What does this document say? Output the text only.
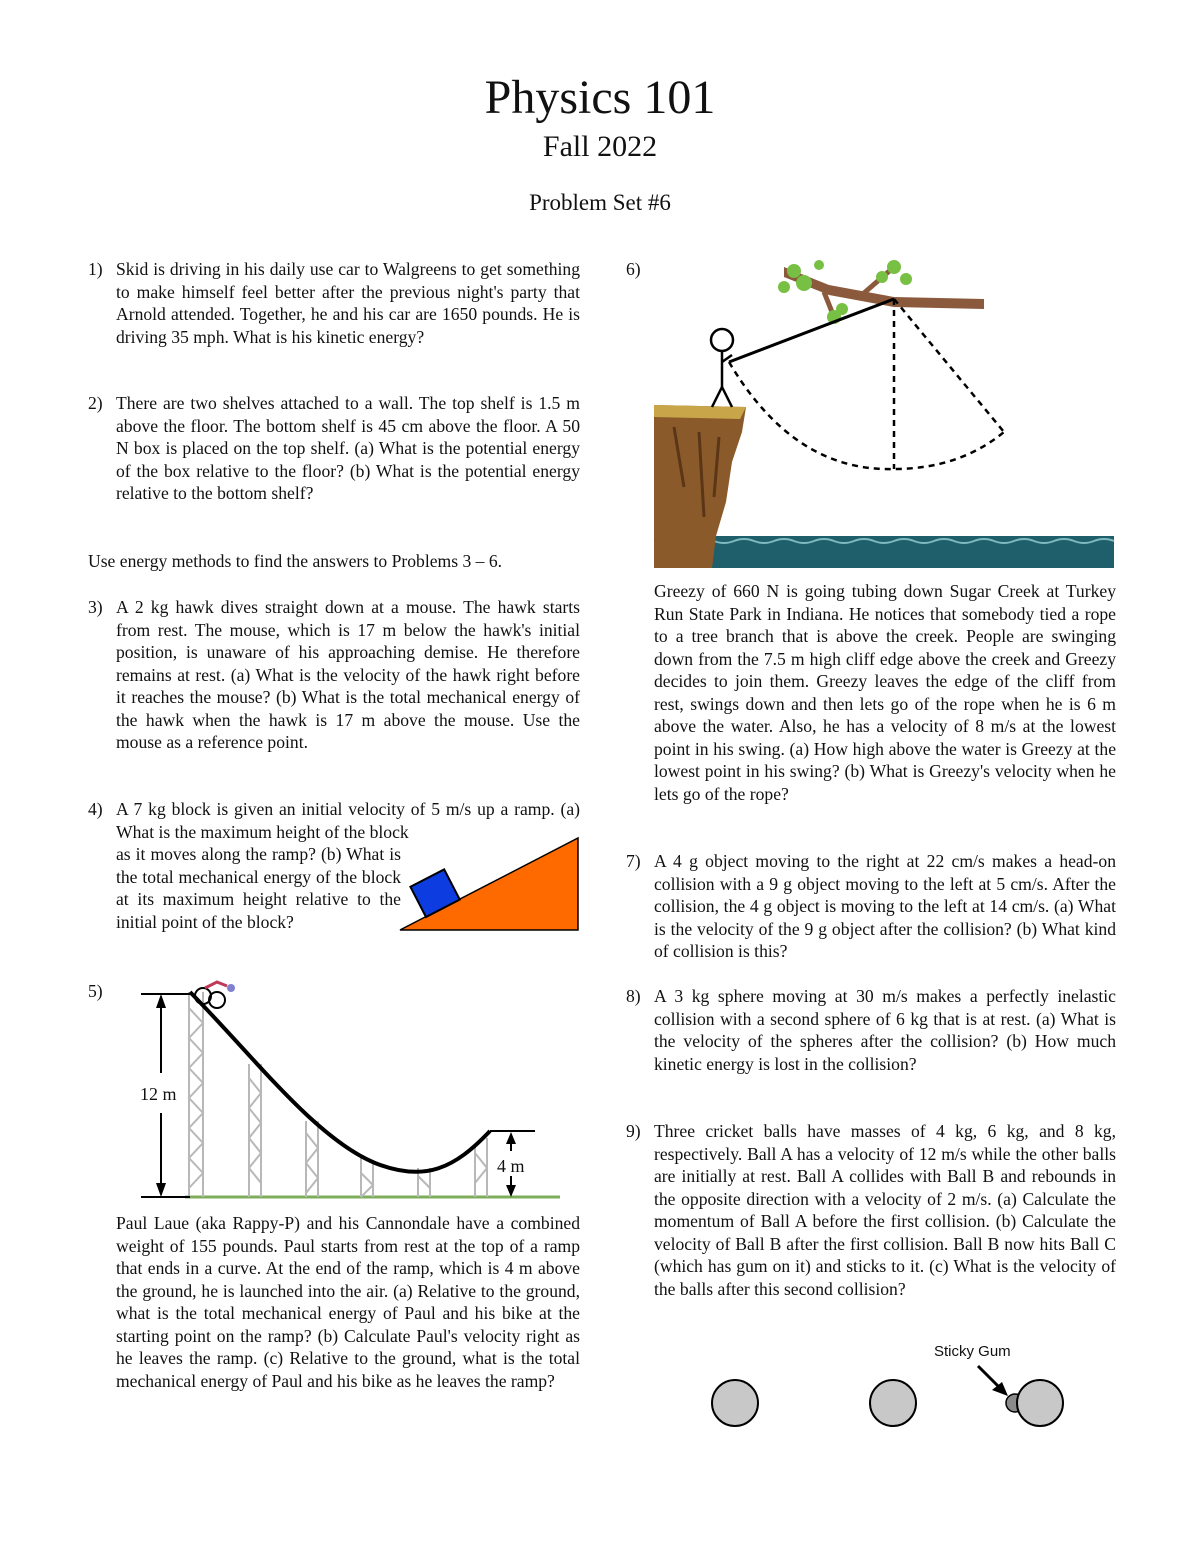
Physics 101
Fall 2022
Problem Set #6
1) Skid is driving in his daily use car to Walgreens to get something to make himself feel better after the previous night's party that Arnold attended. Together, he and his car are 1650 pounds. He is driving 35 mph. What is his kinetic energy?

2) There are two shelves attached to a wall. The top shelf is 1.5 m above the floor. The bottom shelf is 45 cm above the floor. A 50 N box is placed on the top shelf. (a) What is the potential energy of the box relative to the floor? (b) What is the potential energy relative to the bottom shelf?

Use energy methods to find the answers to Problems 3 – 6.
3) A 2 kg hawk dives straight down at a mouse. The hawk starts from rest. The mouse, which is 17 m below the hawk's initial position, is unaware of his approaching demise. He therefore remains at rest. (a) What is the velocity of the hawk right before it reaches the mouse? (b) What is the total mechanical energy of the hawk when the hawk is 17 m above the mouse. Use the mouse as a reference point.

4) A 7 kg block is given an initial velocity of 5 m/s up a ramp. (a) What is the maximum height of the block

as it moves along the ramp? (b) What is the total mechanical energy of the block at its maximum height relative to the initial point of the block?

5)
12 m
4 m

Paul Laue (aka Rappy-P) and his Cannondale have a combined weight of 155 pounds. Paul starts from rest at the top of a ramp that ends in a curve. At the end of the ramp, which is 4 m above the ground, he is launched into the air. (a) Relative to the ground, what is the total mechanical energy of Paul and his bike at the starting point on the ramp? (b) Calculate Paul's velocity right as he leaves the ramp. (c) Relative to the ground, what is the total mechanical energy of Paul and his bike as he leaves the ramp?

6)

Greezy of 660 N is going tubing down Sugar Creek at Turkey Run State Park in Indiana. He notices that somebody tied a rope to a tree branch that is above the creek. People are swinging down from the 7.5 m high cliff edge above the creek and Greezy decides to join them. Greezy leaves the edge of the cliff from rest, swings down and then lets go of the rope when he is 6 m above the water. Also, he has a velocity of 8 m/s at the lowest point in his swing. (a) How high above the water is Greezy at the lowest point in his swing? (b) What is Greezy's velocity when he lets go of the rope?

7) A 4 g object moving to the right at 22 cm/s makes a head-on collision with a 9 g object moving to the left at 5 cm/s. After the collision, the 4 g object is moving to the left at 14 cm/s. (a) What is the velocity of the 9 g object after the collision? (b) What kind of collision is this?

8) A 3 kg sphere moving at 30 m/s makes a perfectly inelastic collision with a second sphere of 6 kg that is at rest. (a) What is the velocity of the spheres after the collision? (b) How much kinetic energy is lost in the collision?

9) Three cricket balls have masses of 4 kg, 6 kg, and 8 kg, respectively. Ball A has a velocity of 12 m/s while the other balls are initially at rest. Ball A collides with Ball B and rebounds in the opposite direction with a velocity of 2 m/s. (a) Calculate the momentum of Ball A before the first collision. (b) Calculate the velocity of Ball B after the first collision. Ball B now hits Ball C (which has gum on it) and sticks to it. (c) What is the velocity of the balls after this second collision?

Sticky Gum
